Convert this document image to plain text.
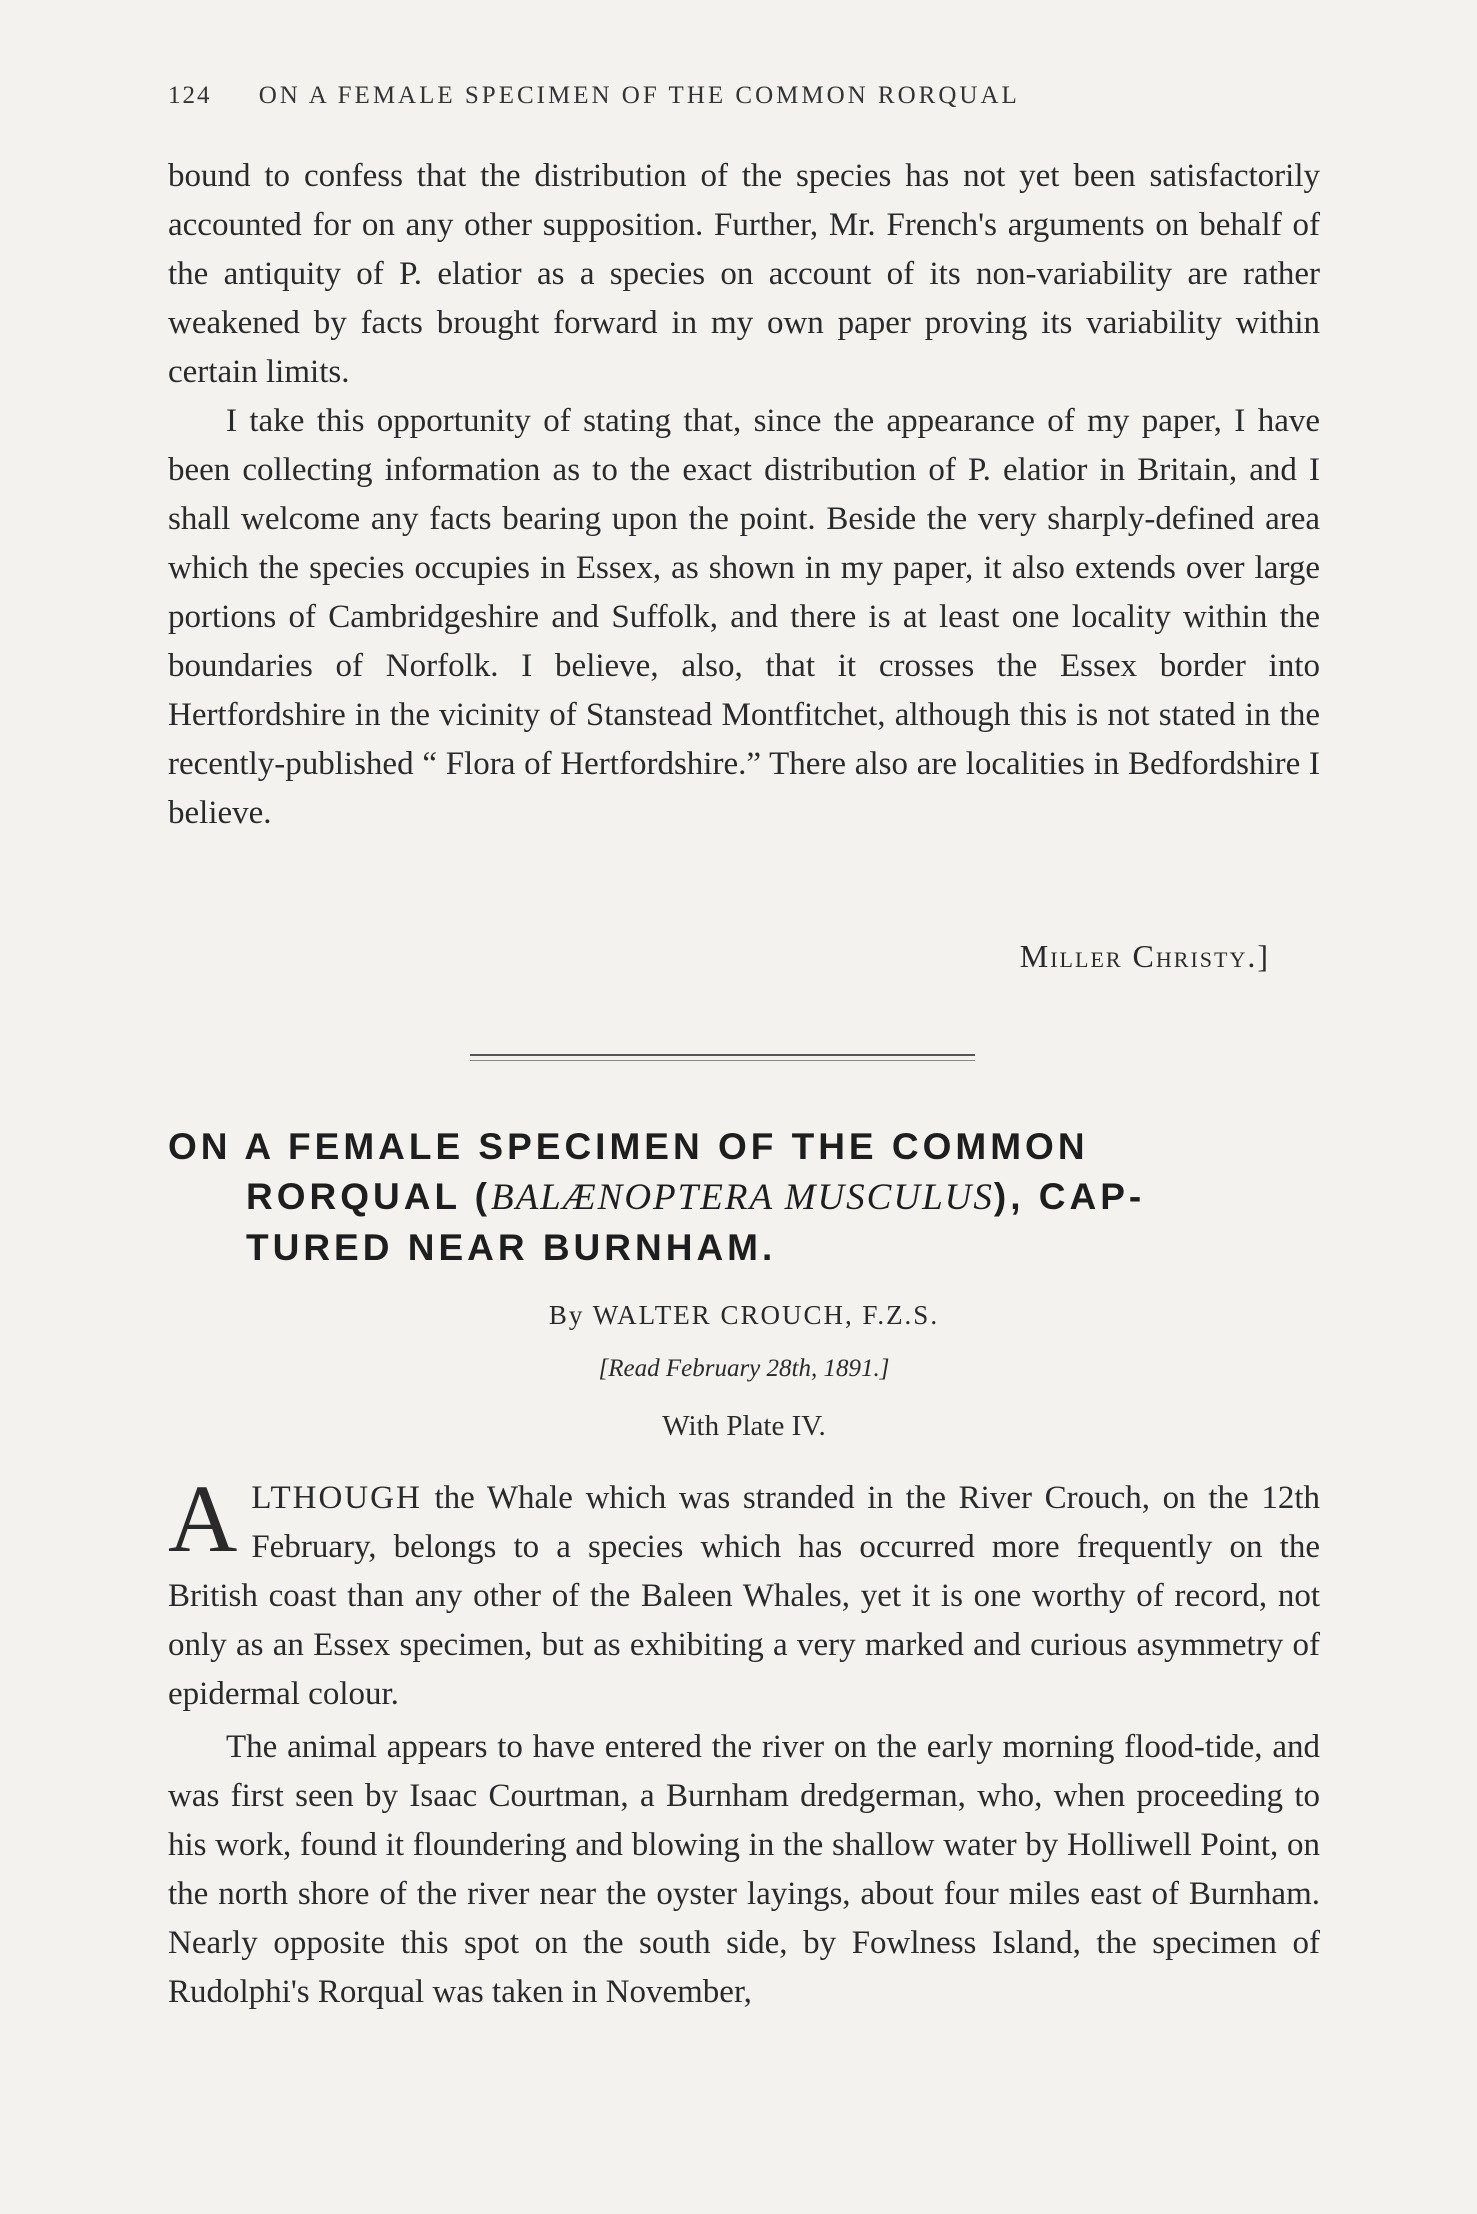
124 ON A FEMALE SPECIMEN OF THE COMMON RORQUAL

bound to confess that the distribution of the species has not yet been satisfactorily accounted for on any other supposition. Further, Mr. French's arguments on behalf of the antiquity of P. elatior as a species on account of its non-variability are rather weakened by facts brought forward in my own paper proving its variability within certain limits.

I take this opportunity of stating that, since the appearance of my paper, I have been collecting information as to the exact distribution of P. elatior in Britain, and I shall welcome any facts bearing upon the point. Beside the very sharply-defined area which the species occupies in Essex, as shown in my paper, it also extends over large portions of Cambridgeshire and Suffolk, and there is at least one locality within the boundaries of Norfolk. I believe, also, that it crosses the Essex border into Hertfordshire in the vicinity of Stanstead Montfitchet, although this is not stated in the recently-published “ Flora of Hertfordshire.” There also are localities in Bedfordshire I believe.

Miller Christy.]
ON A FEMALE SPECIMEN OF THE COMMON
RORQUAL (BALÆNOPTERA MUSCULUS), CAP-
TURED NEAR BURNHAM.
By WALTER CROUCH, F.Z.S.
[Read February 28th, 1891.]
With Plate IV.

ALTHOUGH the Whale which was stranded in the River Crouch, on the 12th February, belongs to a species which has occurred more frequently on the British coast than any other of the Baleen Whales, yet it is one worthy of record, not only as an Essex specimen, but as exhibiting a very marked and curious asymmetry of epidermal colour.

The animal appears to have entered the river on the early morning flood-tide, and was first seen by Isaac Courtman, a Burnham dredgerman, who, when proceeding to his work, found it floundering and blowing in the shallow water by Holliwell Point, on the north shore of the river near the oyster layings, about four miles east of Burnham. Nearly opposite this spot on the south side, by Fowlness Island, the specimen of Rudolphi's Rorqual was taken in November,
